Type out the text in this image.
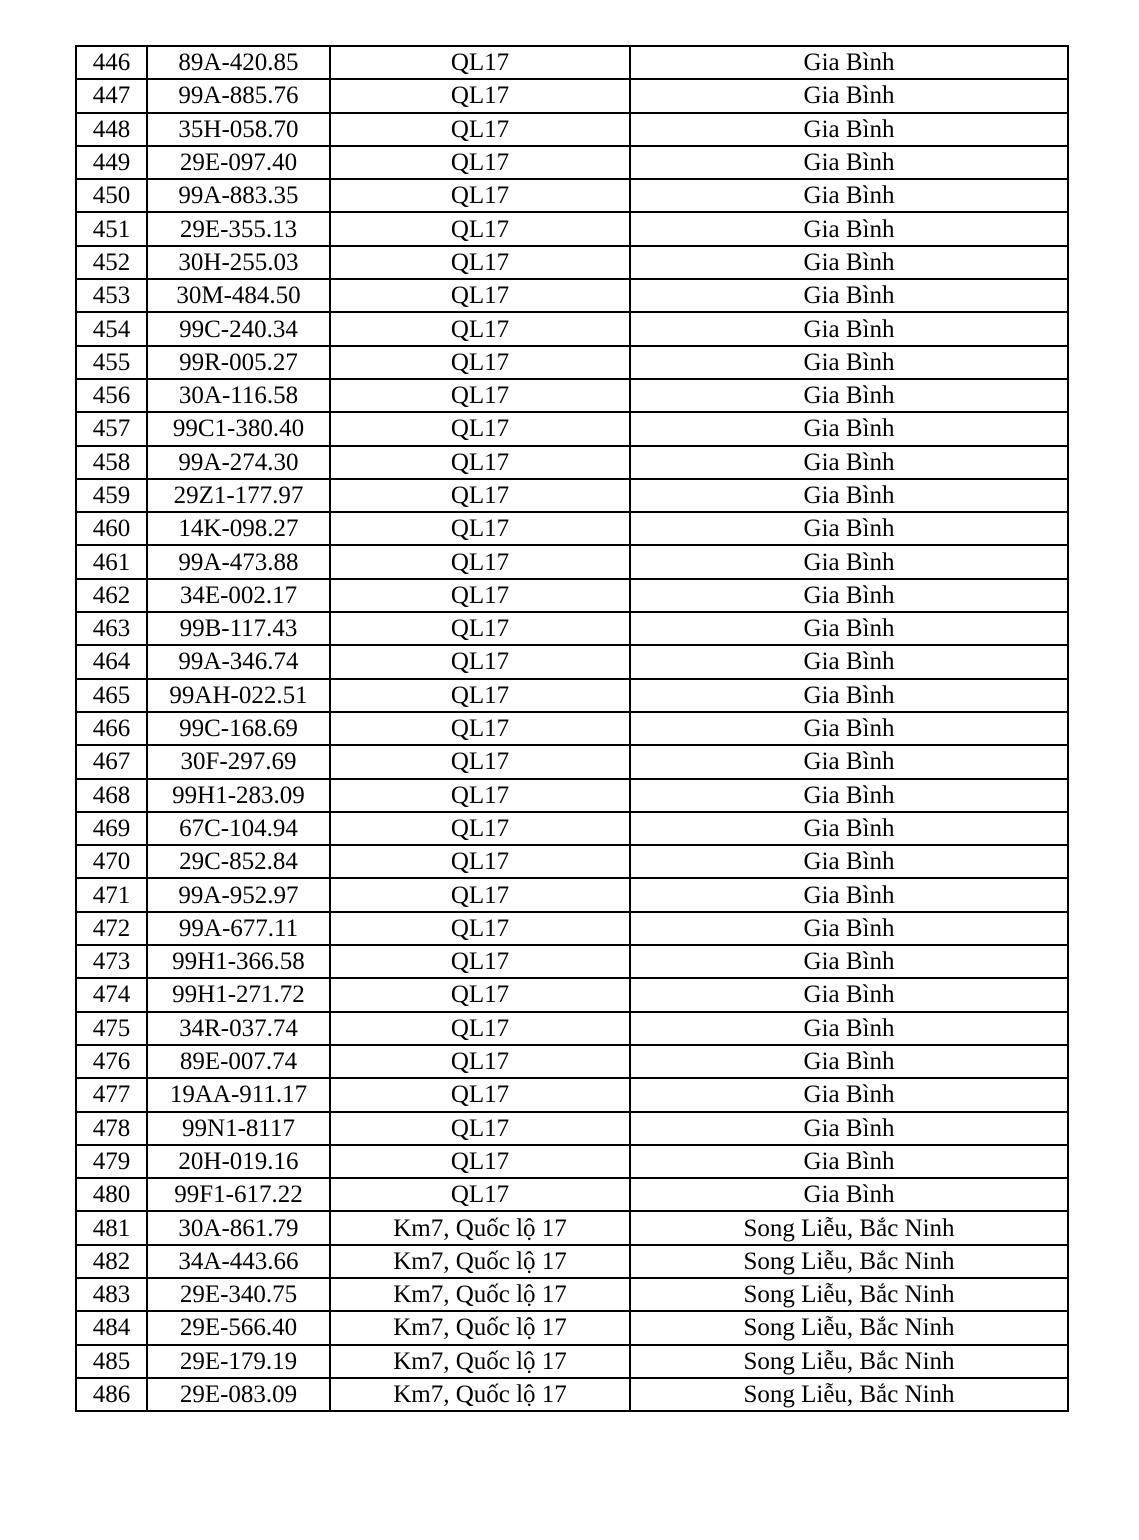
446	89A-420.85	QL17	Gia Bình
447	99A-885.76	QL17	Gia Bình
448	35H-058.70	QL17	Gia Bình
449	29E-097.40	QL17	Gia Bình
450	99A-883.35	QL17	Gia Bình
451	29E-355.13	QL17	Gia Bình
452	30H-255.03	QL17	Gia Bình
453	30M-484.50	QL17	Gia Bình
454	99C-240.34	QL17	Gia Bình
455	99R-005.27	QL17	Gia Bình
456	30A-116.58	QL17	Gia Bình
457	99C1-380.40	QL17	Gia Bình
458	99A-274.30	QL17	Gia Bình
459	29Z1-177.97	QL17	Gia Bình
460	14K-098.27	QL17	Gia Bình
461	99A-473.88	QL17	Gia Bình
462	34E-002.17	QL17	Gia Bình
463	99B-117.43	QL17	Gia Bình
464	99A-346.74	QL17	Gia Bình
465	99AH-022.51	QL17	Gia Bình
466	99C-168.69	QL17	Gia Bình
467	30F-297.69	QL17	Gia Bình
468	99H1-283.09	QL17	Gia Bình
469	67C-104.94	QL17	Gia Bình
470	29C-852.84	QL17	Gia Bình
471	99A-952.97	QL17	Gia Bình
472	99A-677.11	QL17	Gia Bình
473	99H1-366.58	QL17	Gia Bình
474	99H1-271.72	QL17	Gia Bình
475	34R-037.74	QL17	Gia Bình
476	89E-007.74	QL17	Gia Bình
477	19AA-911.17	QL17	Gia Bình
478	99N1-8117	QL17	Gia Bình
479	20H-019.16	QL17	Gia Bình
480	99F1-617.22	QL17	Gia Bình
481	30A-861.79	Km7, Quốc lộ 17	Song Liễu, Bắc Ninh
482	34A-443.66	Km7, Quốc lộ 17	Song Liễu, Bắc Ninh
483	29E-340.75	Km7, Quốc lộ 17	Song Liễu, Bắc Ninh
484	29E-566.40	Km7, Quốc lộ 17	Song Liễu, Bắc Ninh
485	29E-179.19	Km7, Quốc lộ 17	Song Liễu, Bắc Ninh
486	29E-083.09	Km7, Quốc lộ 17	Song Liễu, Bắc Ninh
